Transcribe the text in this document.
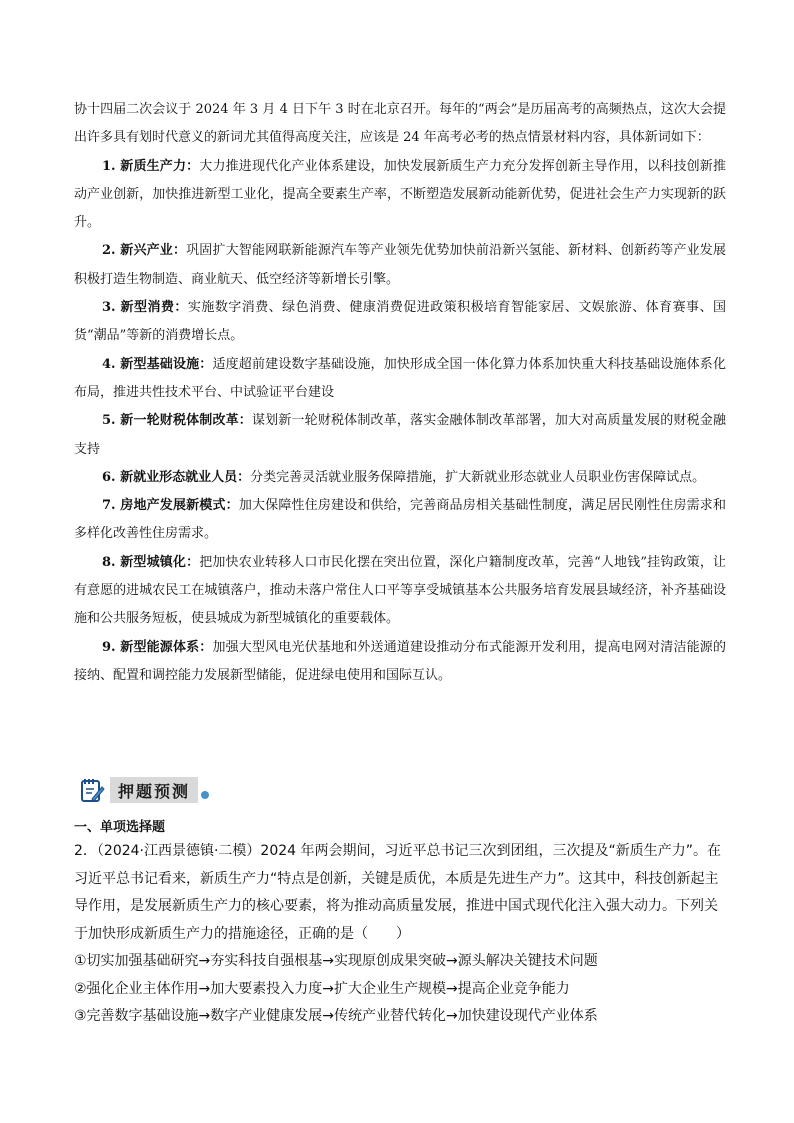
协十四届二次会议于 2024 年 3 月 4 日下午 3 时在北京召开。每年的“两会”是历届高考的高频热点，这次大会提出许多具有划时代意义的新词尤其值得高度关注，应该是 24 年高考必考的热点情景材料内容，具体新词如下：

1. 新质生产力：大力推进现代化产业体系建设，加快发展新质生产力充分发挥创新主导作用，以科技创新推动产业创新，加快推进新型工业化，提高全要素生产率，不断塑造发展新动能新优势，促进社会生产力实现新的跃升。

2. 新兴产业：巩固扩大智能网联新能源汽车等产业领先优势加快前沿新兴氢能、新材料、创新药等产业发展积极打造生物制造、商业航天、低空经济等新增长引擎。

3. 新型消费：实施数字消费、绿色消费、健康消费促进政策积极培育智能家居、文娱旅游、体育赛事、国货“潮品”等新的消费增长点。

4. 新型基础设施：适度超前建设数字基础设施，加快形成全国一体化算力体系加快重大科技基础设施体系化布局，推进共性技术平台、中试验证平台建设

5. 新一轮财税体制改革：谋划新一轮财税体制改革，落实金融体制改革部署，加大对高质量发展的财税金融支持

6. 新就业形态就业人员：分类完善灵活就业服务保障措施，扩大新就业形态就业人员职业伤害保障试点。

7. 房地产发展新模式：加大保障性住房建设和供给，完善商品房相关基础性制度，满足居民刚性住房需求和多样化改善性住房需求。

8. 新型城镇化：把加快农业转移人口市民化摆在突出位置，深化户籍制度改革，完善“人地钱”挂钩政策，让有意愿的进城农民工在城镇落户，推动未落户常住人口平等享受城镇基本公共服务培育发展县域经济，补齐基础设施和公共服务短板，使县城成为新型城镇化的重要载体。

9. 新型能源体系：加强大型风电光伏基地和外送通道建设推动分布式能源开发利用，提高电网对清洁能源的接纳、配置和调控能力发展新型储能，促进绿电使用和国际互认。

押题预测
一、单项选择题

2．（2024·江西景德镇·二模）2024 年两会期间，习近平总书记三次到团组，三次提及“新质生产力”。在习近平总书记看来，新质生产力“特点是创新，关键是质优，本质是先进生产力”。这其中，科技创新起主导作用，是发展新质生产力的核心要素，将为推动高质量发展，推进中国式现代化注入强大动力。下列关于加快形成新质生产力的措施途径，正确的是（　　）

①切实加强基础研究→夯实科技自强根基→实现原创成果突破→源头解决关键技术问题

②强化企业主体作用→加大要素投入力度→扩大企业生产规模→提高企业竞争能力

③完善数字基础设施→数字产业健康发展→传统产业替代转化→加快建设现代产业体系
